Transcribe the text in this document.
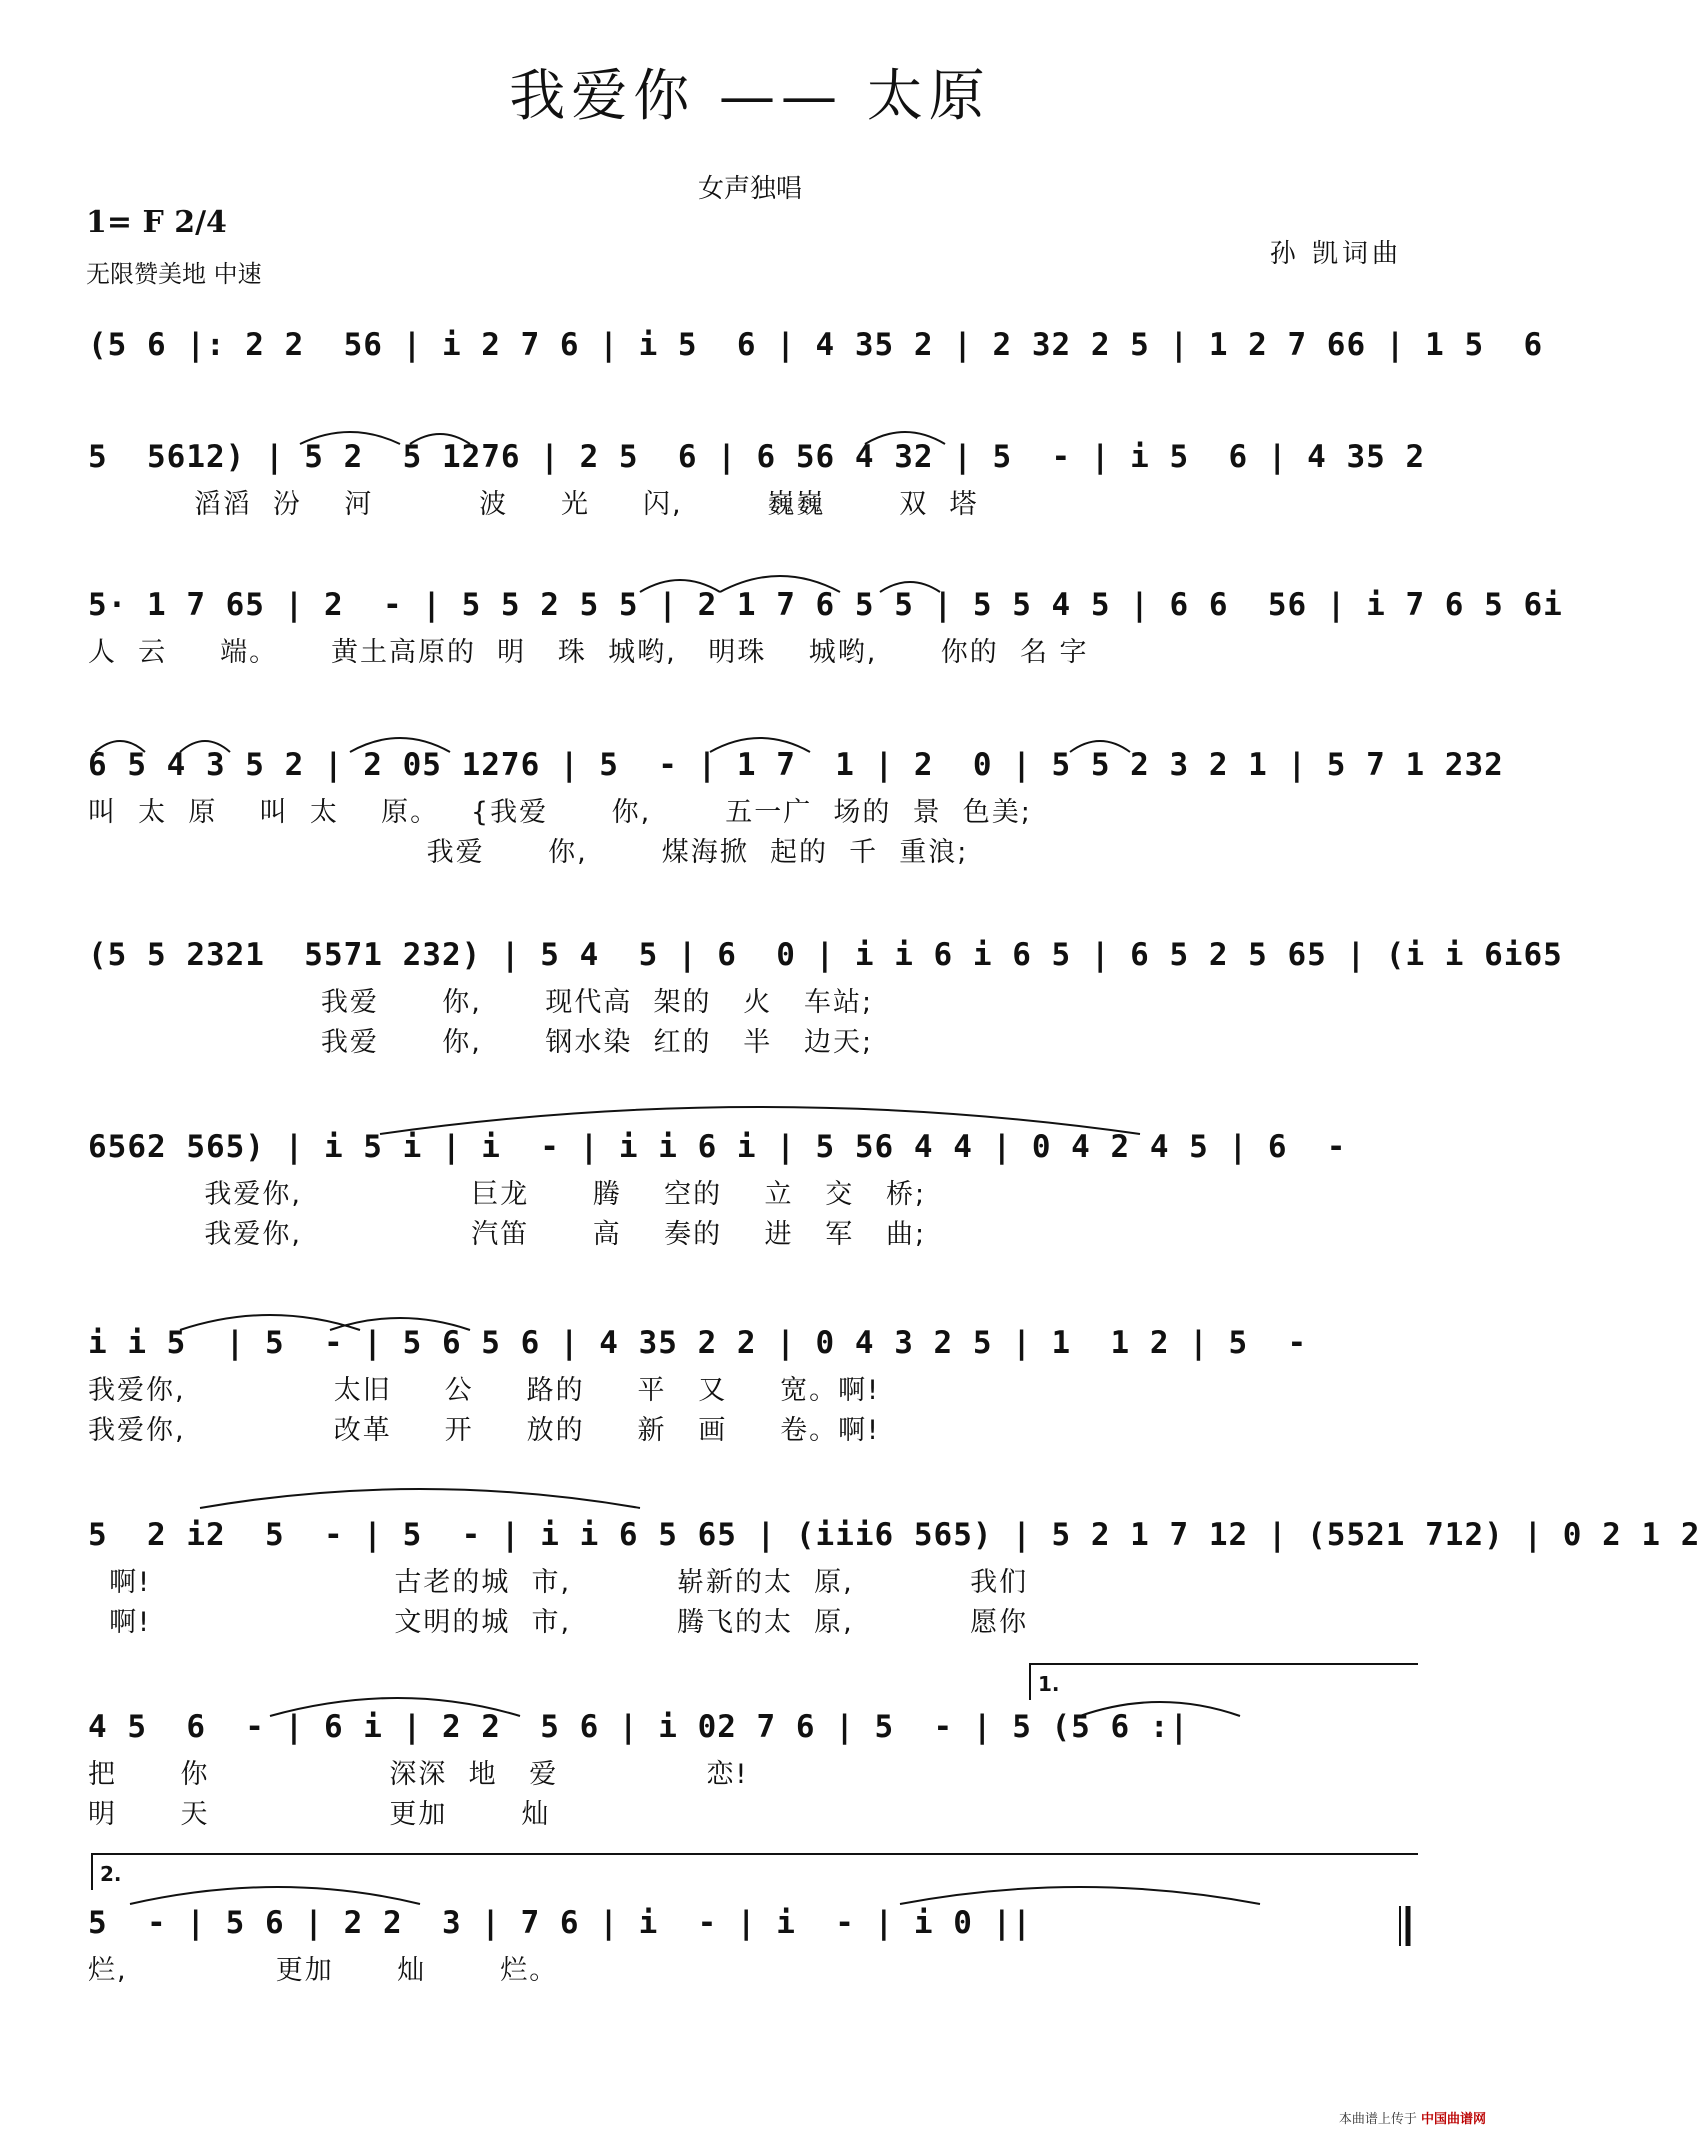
我爱你 —— 太原
女声独唱
1= F 2/4
无限赞美地 中速
孙 凯词曲
(5 6 |: 2 2  56 | i 2 7 6 | i 5  6 | 4 35 2 | 2 32 2 5 | 1 2 7 66 | 1 5  6
5  5612) | 5 2  5 1276 | 2 5  6 | 6 56 4 32 | 5  - | i 5  6 | 4 35 2
滔滔  汾    河          波     光     闪,        巍巍       双  塔
5· 1 7 65 | 2  - | 5 5 2 5 5 | 2 1 7 6 5 5 | 5 5 4 5 | 6 6  56 | i 7 6 5 6i
人  云     端。     黄土高原的  明   珠  城哟,   明珠    城哟,      你的  名 字
6 5 4 3 5 2 | 2 05 1276 | 5  - | 1 7  1 | 2  0 | 5 5 2 3 2 1 | 5 7 1 232
叫  太  原    叫  太    原。   {我爱      你,       五一广  场的  景  色美;
我爱      你,       煤海掀  起的  千  重浪;
(5 5 2321  5571 232) | 5 4  5 | 6  0 | i i 6 i 6 5 | 6 5 2 5 65 | (i i 6i65
我爱      你,      现代高  架的   火   车站;
我爱      你,      钢水染  红的   半   边天;
6562 565) | i 5 i | i  - | i i 6 i | 5 56 4 4 | 0 4 2 4 5 | 6  -
我爱你,                巨龙      腾    空的    立   交   桥;
我爱你,                汽笛      高    奏的    进   军   曲;
i i 5  | 5  - | 5 6 5 6 | 4 35 2 2 | 0 4 3 2 5 | 1  1 2 | 5  -
我爱你,              太旧     公     路的     平   又     宽。啊!
我爱你,              改革     开     放的     新   画     卷。啊!
5  2 i2  5  - | 5  - | i i 6 5 65 | (iii6 565) | 5 2 1 7 12 | (5521 712) | 0 2 1 2
啊!                       古老的城  市,          崭新的太  原,           我们
啊!                       文明的城  市,          腾飞的太  原,           愿你
4 5  6  - | 6 i | 2 2  5 6 | i 02 7 6 | 5  - | 5 (5 6 :|
把      你                 深深  地   爱              恋!
明      天                 更加       灿
5  - | 5 6 | 2 2  3 | 7 6 | i  - | i  - | i 0 ||
烂,              更加      灿       烂。
1.
2.
本曲谱上传于 中国曲谱网
